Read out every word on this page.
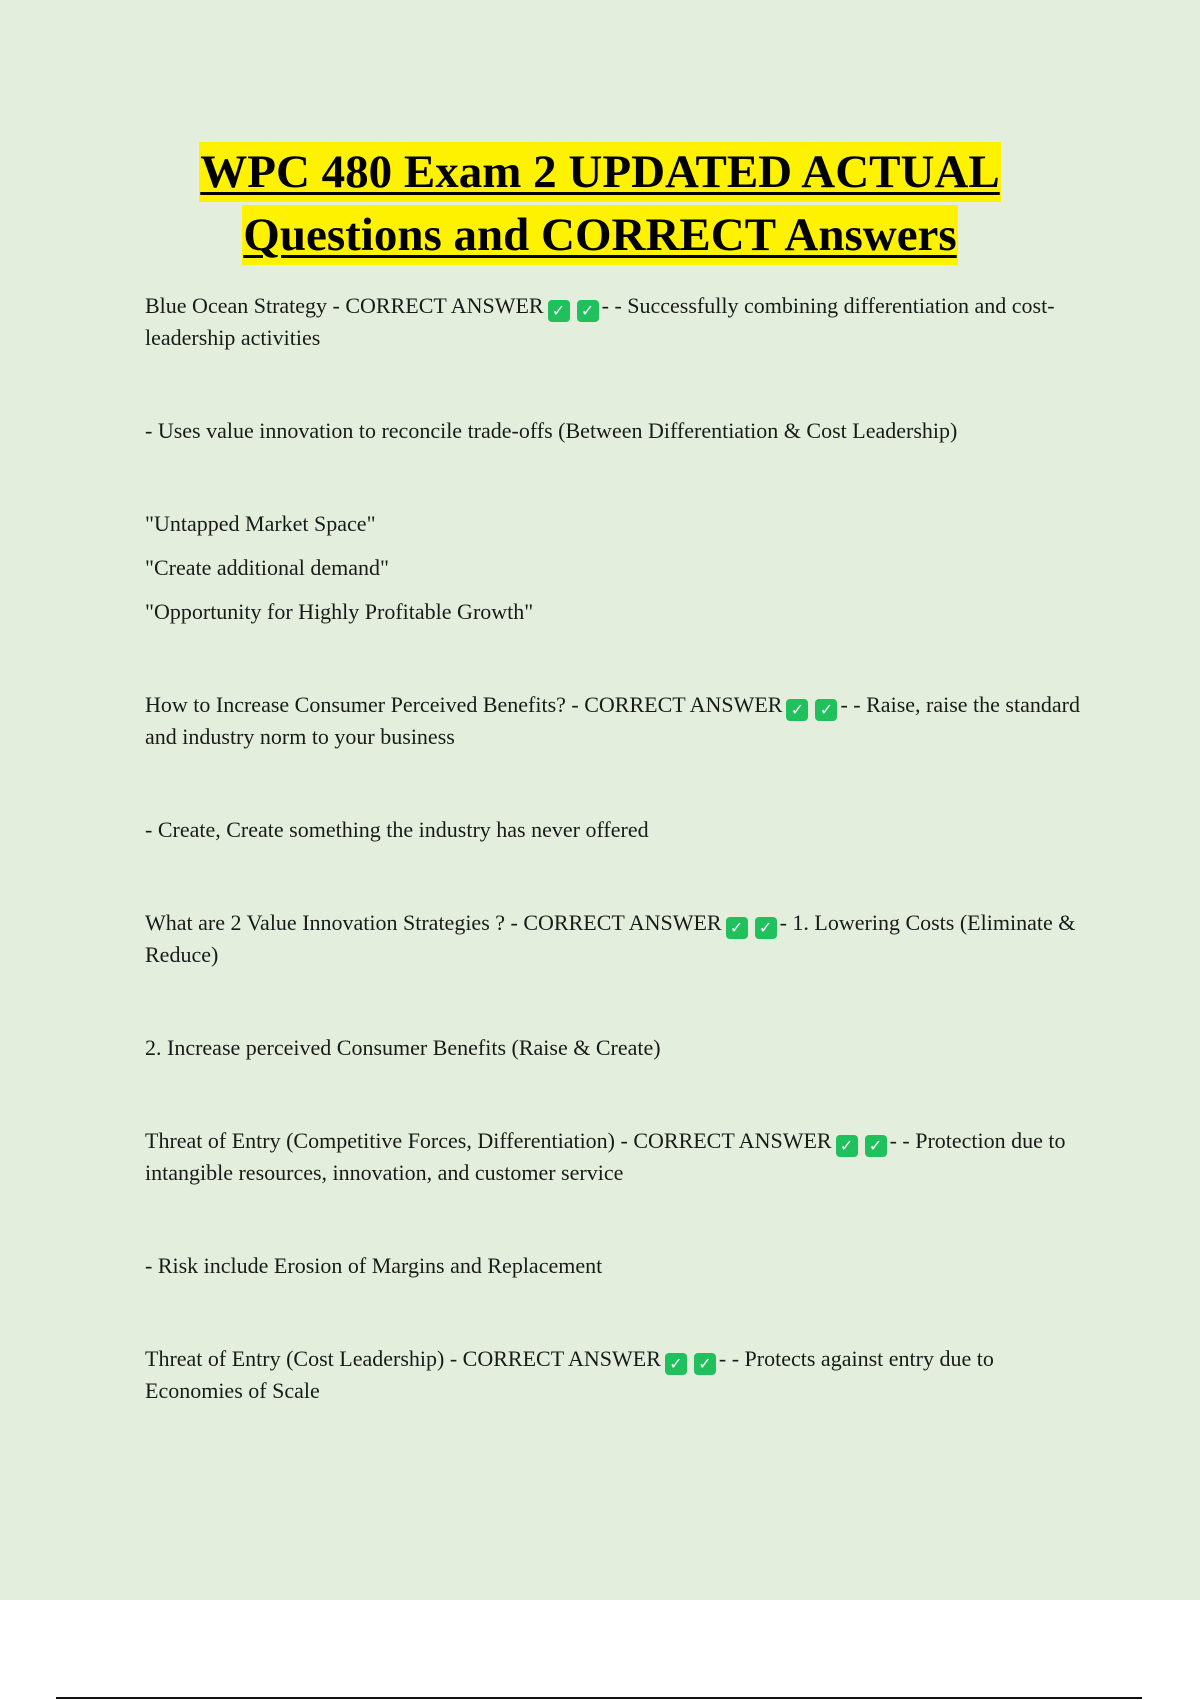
WPC 480 Exam 2 UPDATED ACTUAL
Questions and CORRECT Answers

Blue Ocean Strategy - CORRECT ANSWER ✓ ✓ - - Successfully combining differentiation and cost-leadership activities

- Uses value innovation to reconcile trade-offs (Between Differentiation & Cost Leadership)

"Untapped Market Space"

"Create additional demand"

"Opportunity for Highly Profitable Growth"

How to Increase Consumer Perceived Benefits? - CORRECT ANSWER ✓ ✓ - - Raise, raise the standard and industry norm to your business

- Create, Create something the industry has never offered

What are 2 Value Innovation Strategies ? - CORRECT ANSWER ✓ ✓ - 1. Lowering Costs (Eliminate & Reduce)

2. Increase perceived Consumer Benefits (Raise & Create)

Threat of Entry (Competitive Forces, Differentiation) - CORRECT ANSWER ✓ ✓ - - Protection due to intangible resources, innovation, and customer service

- Risk include Erosion of Margins and Replacement

Threat of Entry (Cost Leadership) - CORRECT ANSWER ✓ ✓ - - Protects against entry due to Economies of Scale
